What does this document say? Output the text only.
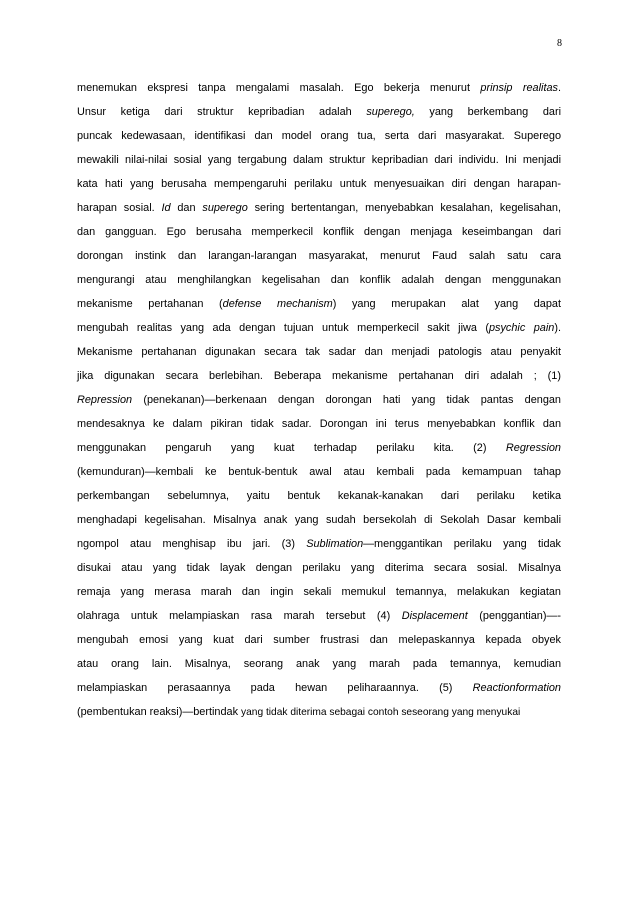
8
menemukan ekspresi tanpa mengalami masalah. Ego bekerja menurut prinsip realitas.
Unsur ketiga dari struktur kepribadian adalah superego, yang berkembang dari
puncak kedewasaan, identifikasi dan model orang tua, serta dari masyarakat. Superego
mewakili nilai-nilai sosial yang tergabung dalam struktur kepribadian dari individu. Ini menjadi
kata hati yang berusaha mempengaruhi perilaku untuk menyesuaikan diri dengan harapan-
harapan sosial. Id dan superego sering bertentangan, menyebabkan kesalahan, kegelisahan,
dan gangguan. Ego berusaha memperkecil konflik dengan menjaga keseimbangan dari
dorongan instink dan larangan-larangan masyarakat, menurut Faud salah satu cara
mengurangi atau menghilangkan kegelisahan dan konflik adalah dengan menggunakan
mekanisme pertahanan (defense mechanism) yang merupakan alat yang dapat
mengubah realitas yang ada dengan tujuan untuk memperkecil sakit jiwa (psychic pain).
Mekanisme pertahanan digunakan secara tak sadar dan menjadi patologis atau penyakit
jika digunakan secara berlebihan. Beberapa mekanisme pertahanan diri adalah ; (1)
Repression (penekanan)—berkenaan dengan dorongan hati yang tidak pantas dengan
mendesaknya ke dalam pikiran tidak sadar. Dorongan ini terus menyebabkan konflik dan
menggunakan pengaruh yang kuat terhadap perilaku kita. (2) Regression
(kemunduran)—kembali ke bentuk-bentuk awal atau kembali pada kemampuan tahap
perkembangan sebelumnya, yaitu bentuk kekanak-kanakan dari perilaku ketika
menghadapi kegelisahan. Misalnya anak yang sudah bersekolah di Sekolah Dasar kembali
ngompol atau menghisap ibu jari. (3) Sublimation—menggantikan perilaku yang tidak
disukai atau yang tidak layak dengan perilaku yang diterima secara sosial. Misalnya
remaja yang merasa marah dan ingin sekali memukul temannya, melakukan kegiatan
olahraga untuk melampiaskan rasa marah tersebut (4) Displacement (penggantian)—-
mengubah emosi yang kuat dari sumber frustrasi dan melepaskannya kepada obyek
atau orang lain. Misalnya, seorang anak yang marah pada temannya, kemudian
melampiaskan perasaannya pada hewan peliharaannya. (5) Reactionformation
(pembentukan reaksi)—bertindak yang tidak diterima sebagai contoh seseorang yang menyukai
